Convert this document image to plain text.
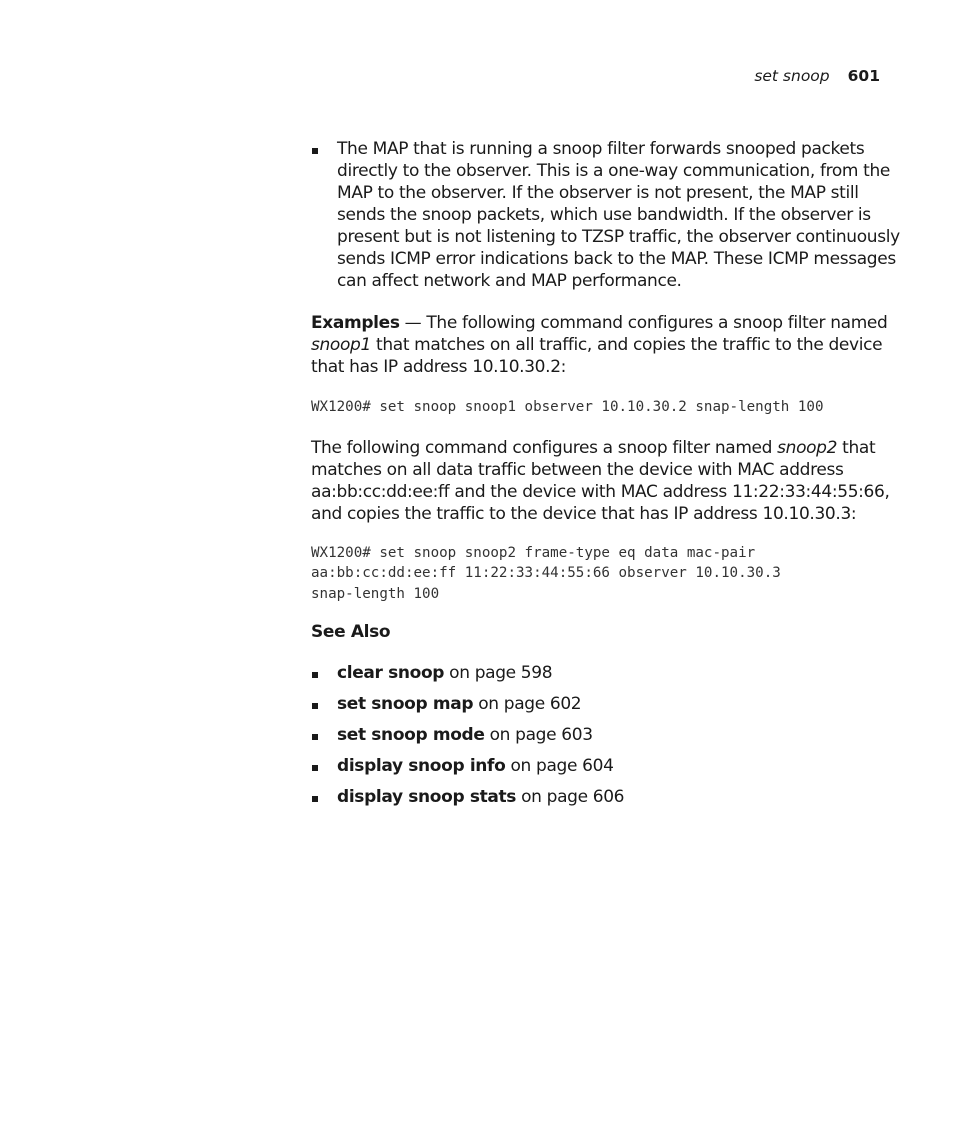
set snoop 601
The MAP that is running a snoop filter forwards snooped packets directly to the observer. This is a one-way communication, from the MAP to the observer. If the observer is not present, the MAP still sends the snoop packets, which use bandwidth. If the observer is present but is not listening to TZSP traffic, the observer continuously sends ICMP error indications back to the MAP. These ICMP messages can affect network and MAP performance.

Examples — The following command configures a snoop filter named snoop1 that matches on all traffic, and copies the traffic to the device that has IP address 10.10.30.2:

WX1200# set snoop snoop1 observer 10.10.30.2 snap-length 100

The following command configures a snoop filter named snoop2 that matches on all data traffic between the device with MAC address aa:bb:cc:dd:ee:ff and the device with MAC address 11:22:33:44:55:66, and copies the traffic to the device that has IP address 10.10.30.3:

WX1200# set snoop snoop2 frame-type eq data mac-pair
aa:bb:cc:dd:ee:ff 11:22:33:44:55:66 observer 10.10.30.3
snap-length 100
See Also
clear snoop on page 598
set snoop map on page 602
set snoop mode on page 603
display snoop info on page 604
display snoop stats on page 606
